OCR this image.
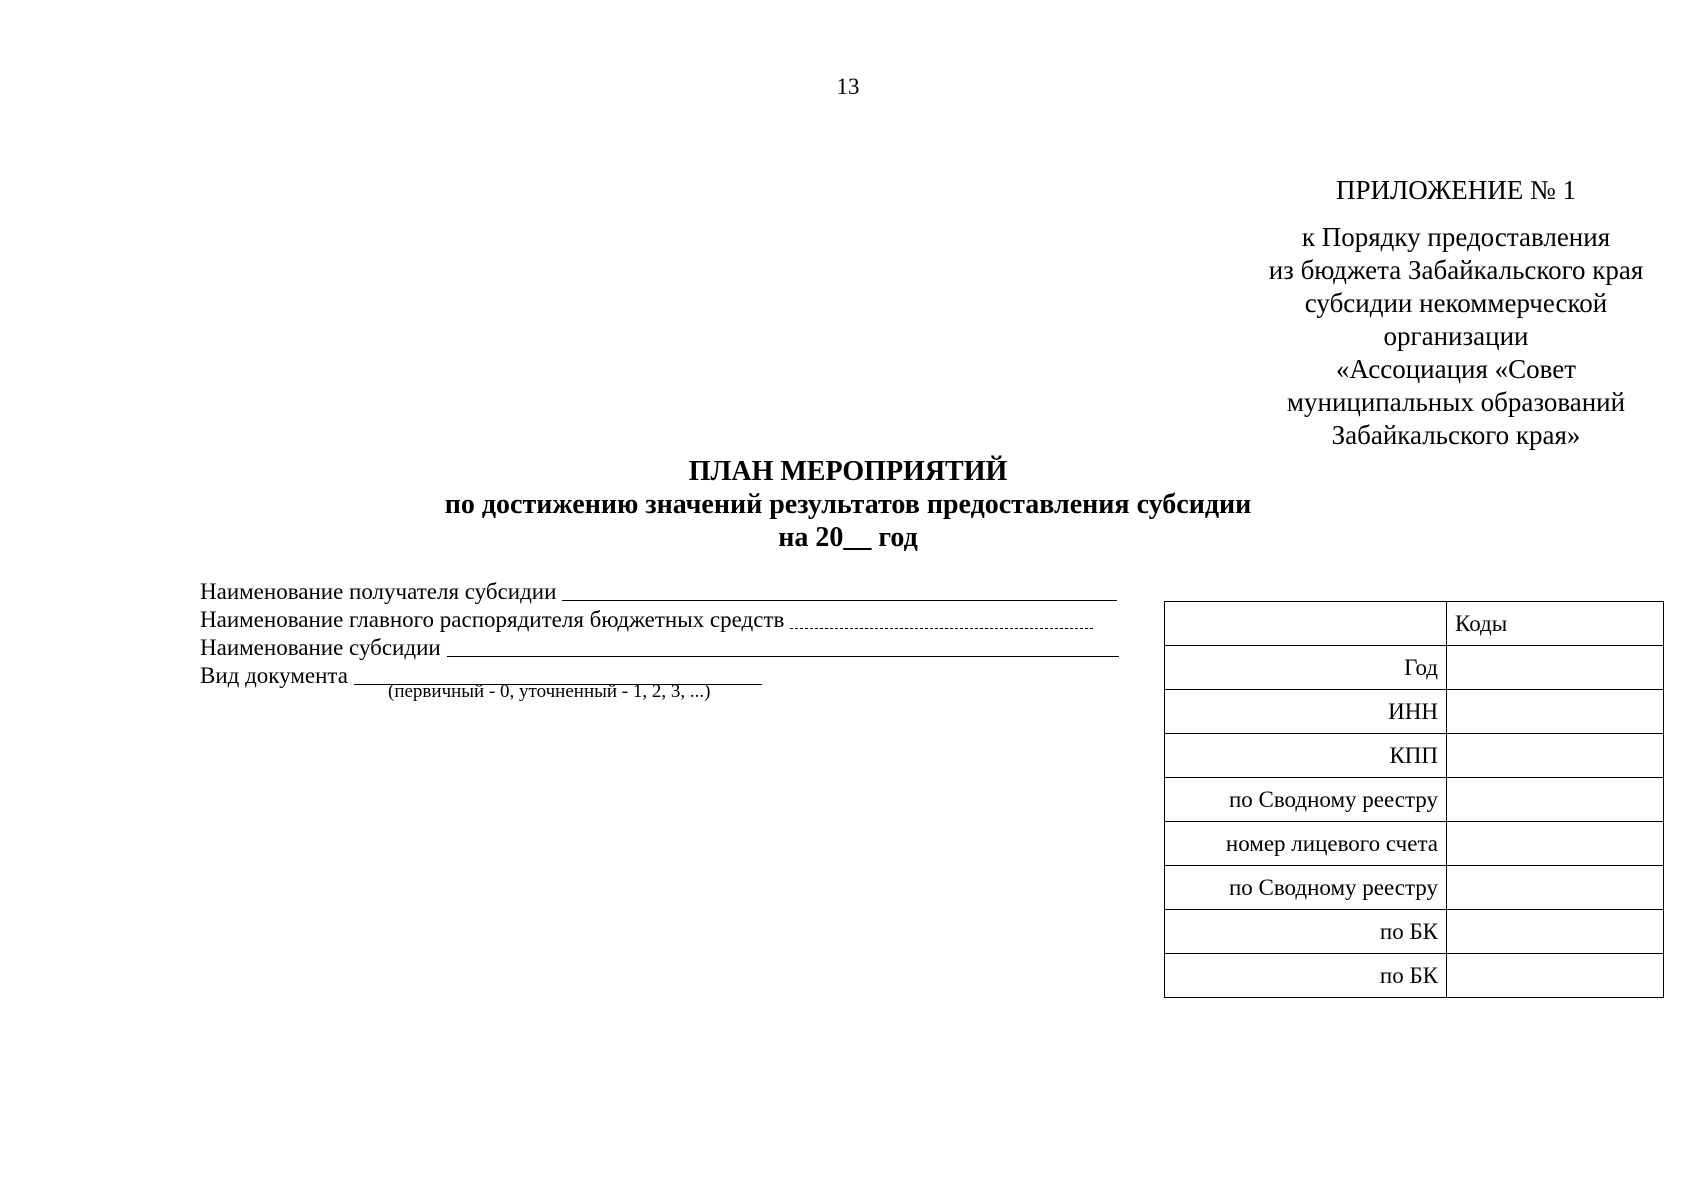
13
ПРИЛОЖЕНИЕ № 1
к Порядку предоставления
из бюджета Забайкальского края
субсидии некоммерческой
организации
«Ассоциация «Совет
муниципальных образований
Забайкальского края»
ПЛАН МЕРОПРИЯТИЙ
по достижению значений результатов предоставления субсидии
на 20__ год
Наименование получателя субсидии
Наименование главного распорядителя бюджетных средств
Наименование субсидии
Вид документа
(первичный - 0, уточненный - 1, 2, 3, ...)
	Коды
Год	
ИНН	
КПП	
по Сводному реестру	
номер лицевого счета	
по Сводному реестру	
по БК	
по БК	
